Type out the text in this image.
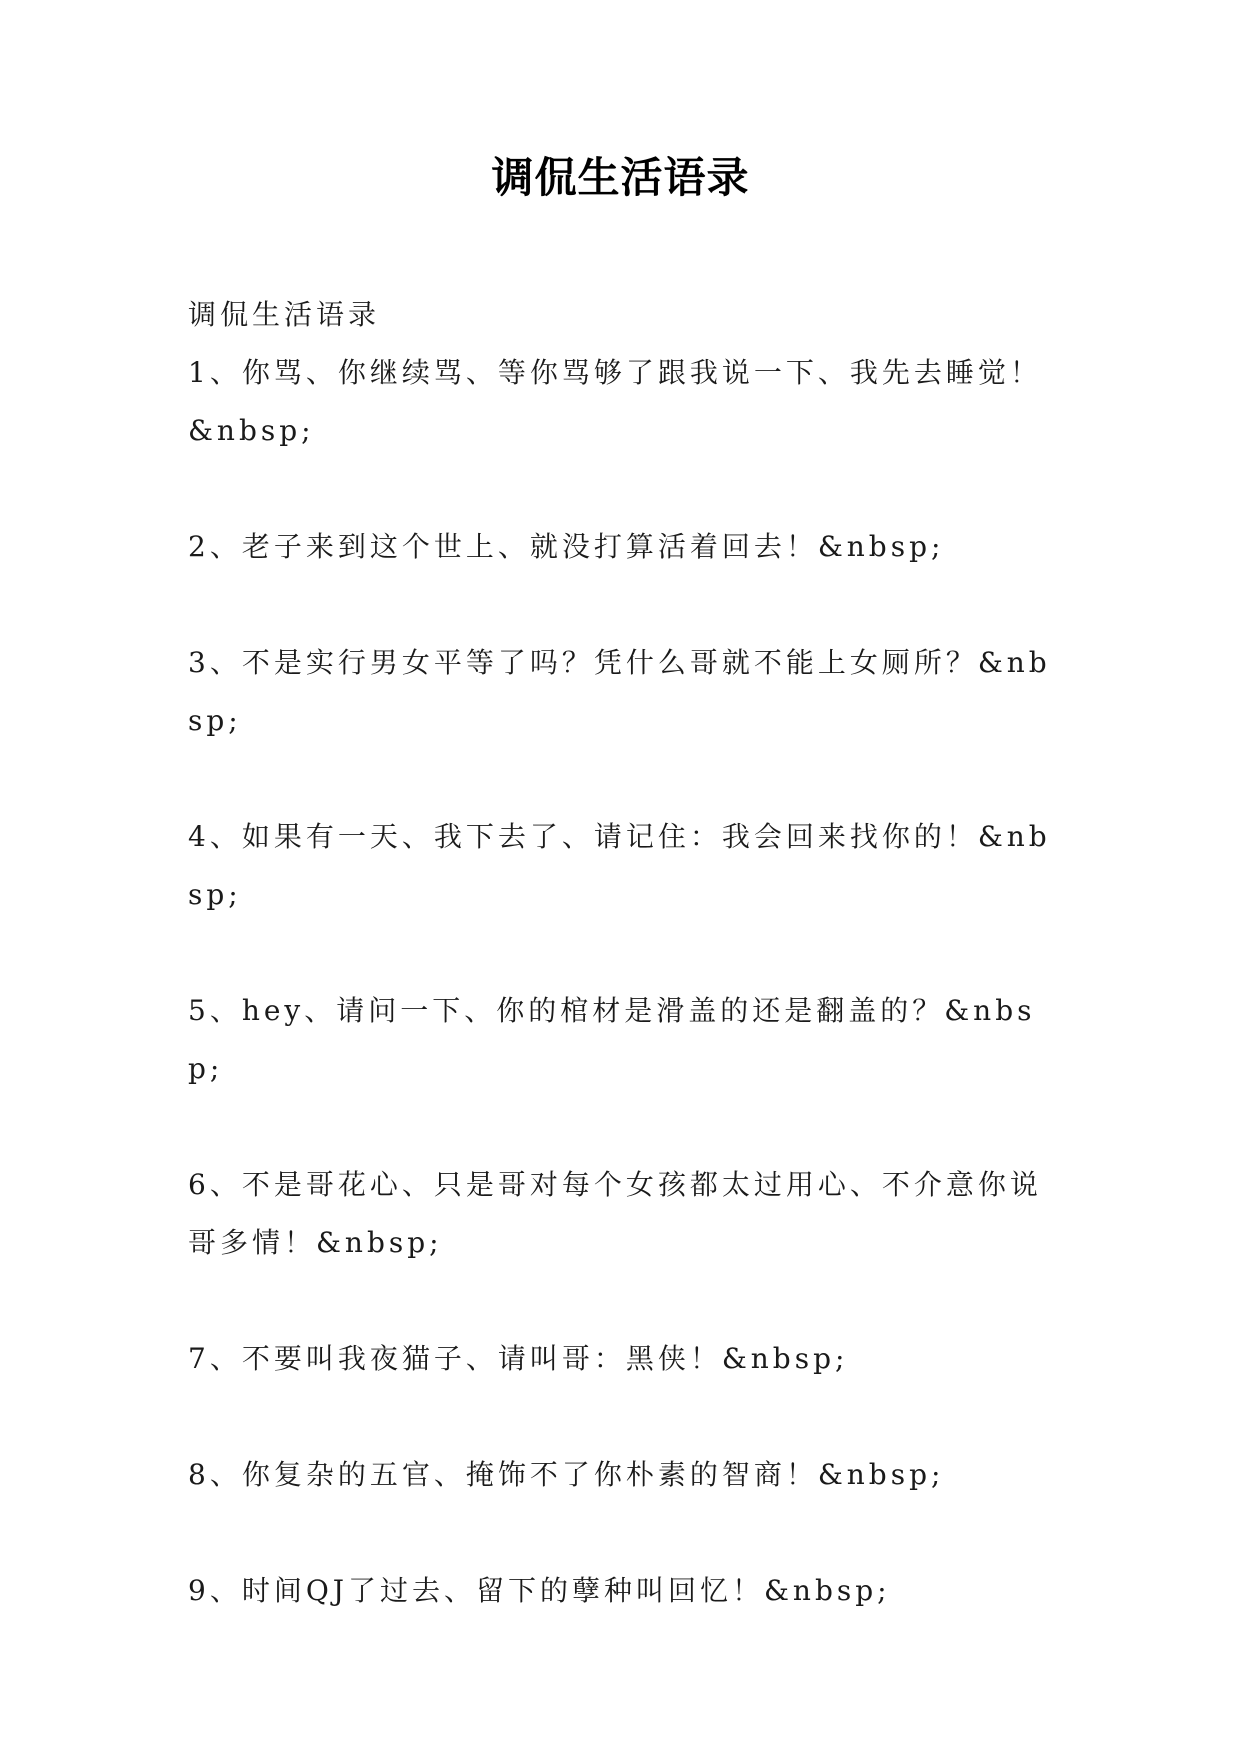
调侃生活语录

调侃生活语录

1、你骂、你继续骂、等你骂够了跟我说一下、我先去睡觉！&nbsp;

2、老子来到这个世上、就没打算活着回去！&nbsp;

3、不是实行男女平等了吗？凭什么哥就不能上女厕所？&nbsp;

4、如果有一天、我下去了、请记住：我会回来找你的！&nbsp;

5、hey、请问一下、你的棺材是滑盖的还是翻盖的？&nbsp;

6、不是哥花心、只是哥对每个女孩都太过用心、不介意你说哥多情！&nbsp;

7、不要叫我夜猫子、请叫哥：黑侠！&nbsp;

8、你复杂的五官、掩饰不了你朴素的智商！&nbsp;

9、时间QJ了过去、留下的孽种叫回忆！&nbsp;
